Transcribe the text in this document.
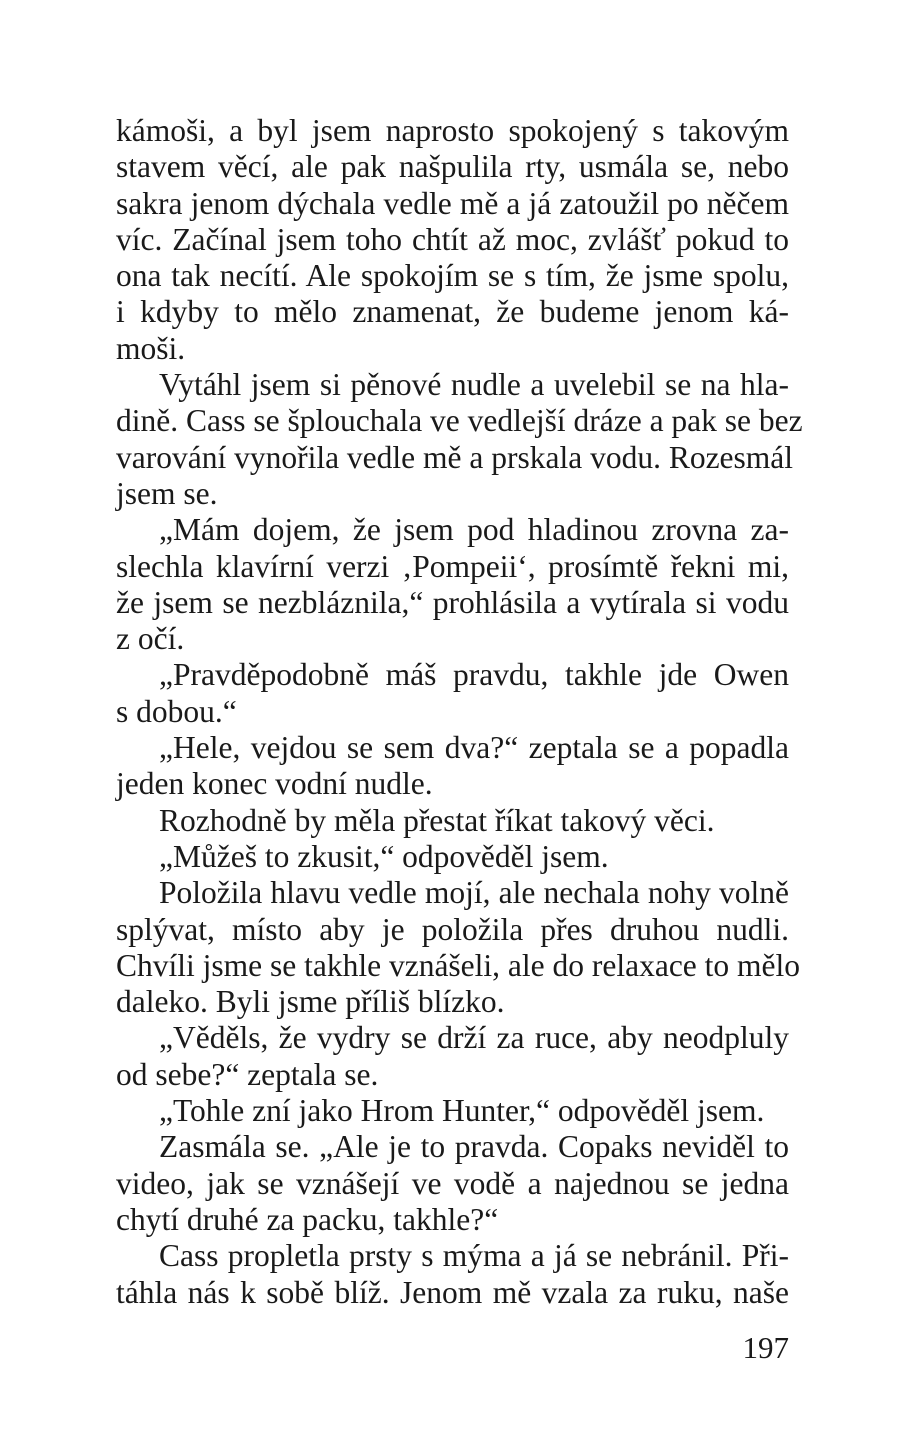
kámoši, a byl jsem naprosto spokojený s takovým
stavem věcí, ale pak našpulila rty, usmála se, nebo
sakra jenom dýchala vedle mě a já zatoužil po něčem
víc. Začínal jsem toho chtít až moc, zvlášť pokud to
ona tak necítí. Ale spokojím se s tím, že jsme spolu,
i kdyby to mělo znamenat, že budeme jenom ká-
moši.
Vytáhl jsem si pěnové nudle a uvelebil se na hla-
dině. Cass se šplouchala ve vedlejší dráze a pak se bez
varování vynořila vedle mě a prskala vodu. Rozesmál
jsem se.
„Mám dojem, že jsem pod hladinou zrovna za-
slechla klavírní verzi ‚Pompeii‘, prosímtě řekni mi,
že jsem se nezbláznila,“ prohlásila a vytírala si vodu
z očí.
„Pravděpodobně máš pravdu, takhle jde Owen
s dobou.“
„Hele, vejdou se sem dva?“ zeptala se a popadla
jeden konec vodní nudle.
Rozhodně by měla přestat říkat takový věci.
„Můžeš to zkusit,“ odpověděl jsem.
Položila hlavu vedle mojí, ale nechala nohy volně
splývat, místo aby je položila přes druhou nudli.
Chvíli jsme se takhle vznášeli, ale do relaxace to mělo
daleko. Byli jsme příliš blízko.
„Věděls, že vydry se drží za ruce, aby neodpluly
od sebe?“ zeptala se.
„Tohle zní jako Hrom Hunter,“ odpověděl jsem.
Zasmála se. „Ale je to pravda. Copaks neviděl to
video, jak se vznášejí ve vodě a najednou se jedna
chytí druhé za packu, takhle?“
Cass propletla prsty s mýma a já se nebránil. Při-
táhla nás k sobě blíž. Jenom mě vzala za ruku, naše
197
